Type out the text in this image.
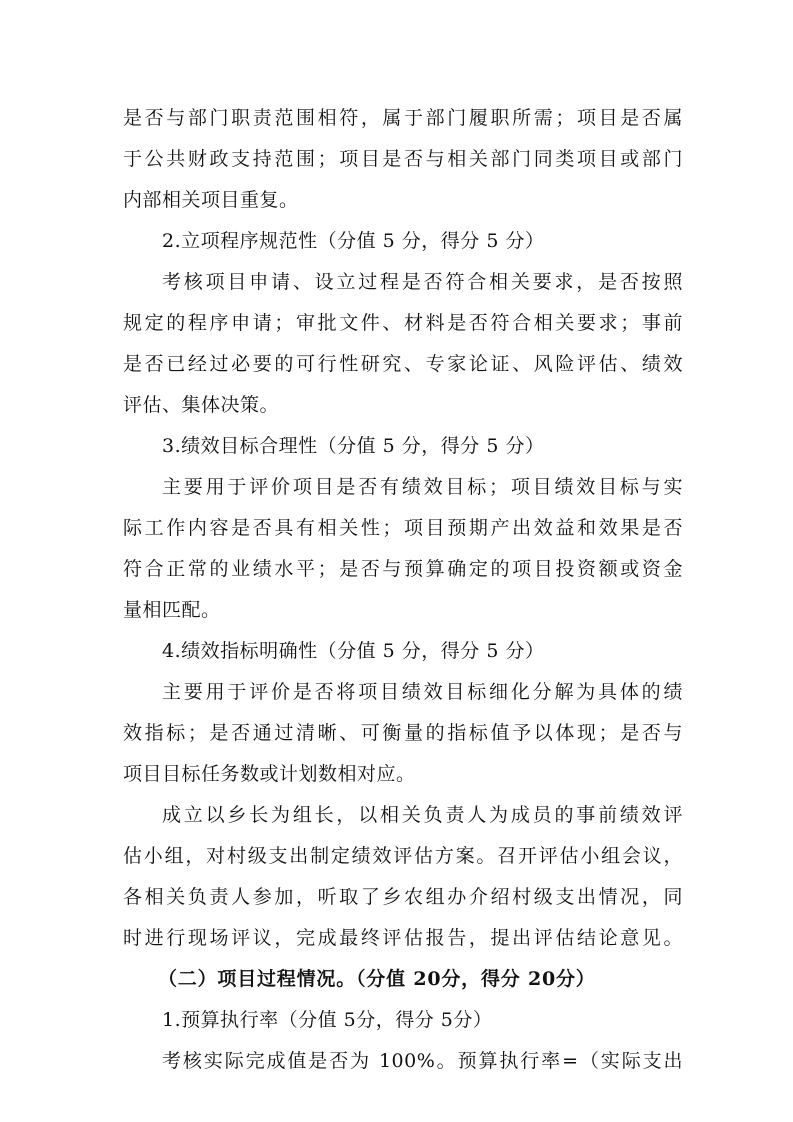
是否与部门职责范围相符，属于部门履职所需；项目是否属
于公共财政支持范围；项目是否与相关部门同类项目或部门
内部相关项目重复。
2.立项程序规范性（分值 5 分，得分 5 分）
考核项目申请、设立过程是否符合相关要求，是否按照
规定的程序申请；审批文件、材料是否符合相关要求；事前
是否已经过必要的可行性研究、专家论证、风险评估、绩效
评估、集体决策。
3.绩效目标合理性（分值 5 分，得分 5 分）
主要用于评价项目是否有绩效目标；项目绩效目标与实
际工作内容是否具有相关性；项目预期产出效益和效果是否
符合正常的业绩水平；是否与预算确定的项目投资额或资金
量相匹配。
4.绩效指标明确性（分值 5 分，得分 5 分）
主要用于评价是否将项目绩效目标细化分解为具体的绩
效指标；是否通过清晰、可衡量的指标值予以体现；是否与
项目目标任务数或计划数相对应。
成立以乡长为组长，以相关负责人为成员的事前绩效评
估小组，对村级支出制定绩效评估方案。召开评估小组会议，
各相关负责人参加，听取了乡农组办介绍村级支出情况，同
时进行现场评议，完成最终评估报告，提出评估结论意见。
（二）项目过程情况。（分值 20分，得分 20分）
1.预算执行率（分值 5分，得分 5分）
考核实际完成值是否为 100%。预算执行率=（实际支出
